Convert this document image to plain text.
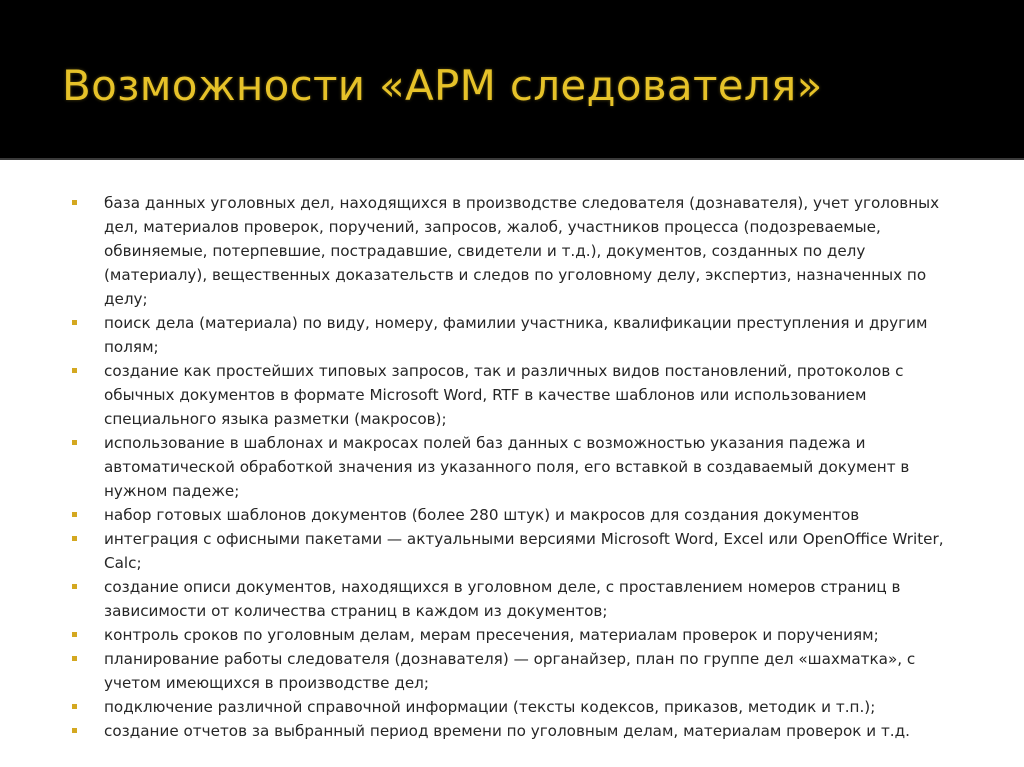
Возможности «АРМ следователя»
база данных уголовных дел, находящихся в производстве следователя (дознавателя), учет уголовных дел, материалов проверок, поручений, запросов, жалоб, участников процесса (подозреваемые, обвиняемые, потерпевшие, пострадавшие, свидетели и т.д.), документов, созданных по делу (материалу), вещественных доказательств и следов по уголовному делу, экспертиз, назначенных по делу;
поиск дела (материала) по виду, номеру, фамилии участника, квалификации преступления и другим полям;
создание как простейших типовых запросов, так и различных видов постановлений, протоколов с обычных документов в формате Microsoft Word, RTF в качестве шаблонов или использованием специального языка разметки (макросов);
использование в шаблонах и макросах полей баз данных с возможностью указания падежа и автоматической обработкой значения из указанного поля, его вставкой в создаваемый документ в нужном падеже;
набор готовых шаблонов документов (более 280 штук) и макросов для создания документов
интеграция с офисными пакетами — актуальными версиями Microsoft Word, Excel или OpenOffice Writer, Calc;
создание описи документов, находящихся в уголовном деле, с проставлением номеров страниц в зависимости от количества страниц в каждом из документов;
контроль сроков по уголовным делам, мерам пресечения, материалам проверок и поручениям;
планирование работы следователя (дознавателя) — органайзер, план по группе дел «шахматка», с учетом имеющихся в производстве дел;
подключение различной справочной информации (тексты кодексов, приказов, методик и т.п.);
создание отчетов за выбранный период времени по уголовным делам, материалам проверок и т.д.
